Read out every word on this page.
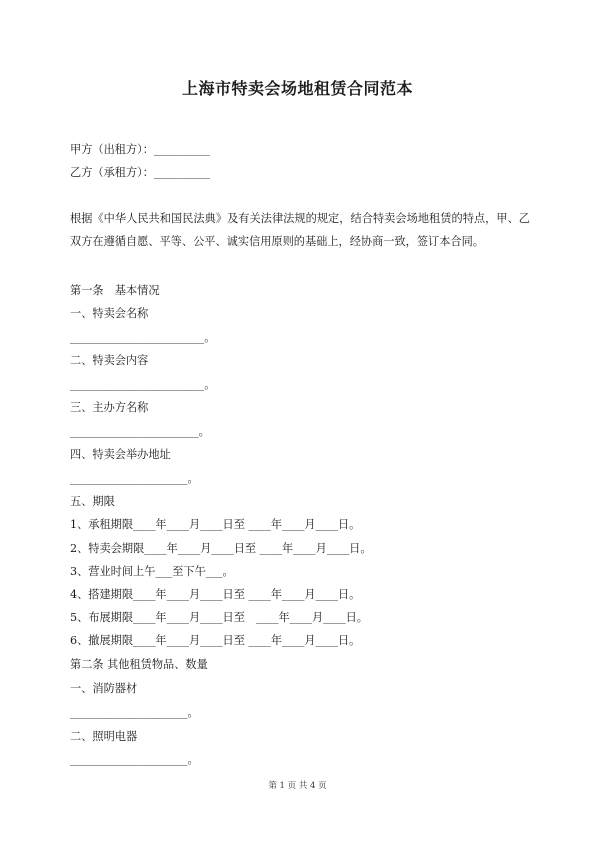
上海市特卖会场地租赁合同范本
甲方（出租方）：__________
乙方（承租方）：__________
根据《中华人民共和国民法典》及有关法律法规的规定，结合特卖会场地租赁的特点，甲、乙双方在遵循自愿、平等、公平、诚实信用原则的基础上，经协商一致，签订本合同。
第一条　基本情况
一、特卖会名称
________________________。
二、特卖会内容
________________________。
三、主办方名称
_______________________。
四、特卖会举办地址
_____________________。
五、期限
1、承租期限____年____月____日至 ____年____月____日。
2、特卖会期限____年____月____日至 ____年____月____日。
3、营业时间上午___至下午___。
4、搭建期限____年____月____日至 ____年____月____日。
5、布展期限____年____月____日至　____年____月____日。
6、撤展期限____年____月____日至 ____年____月____日。
第二条 其他租赁物品、数量
一、消防器材
_____________________。
二、照明电器
_____________________。
第 1 页 共 4 页
